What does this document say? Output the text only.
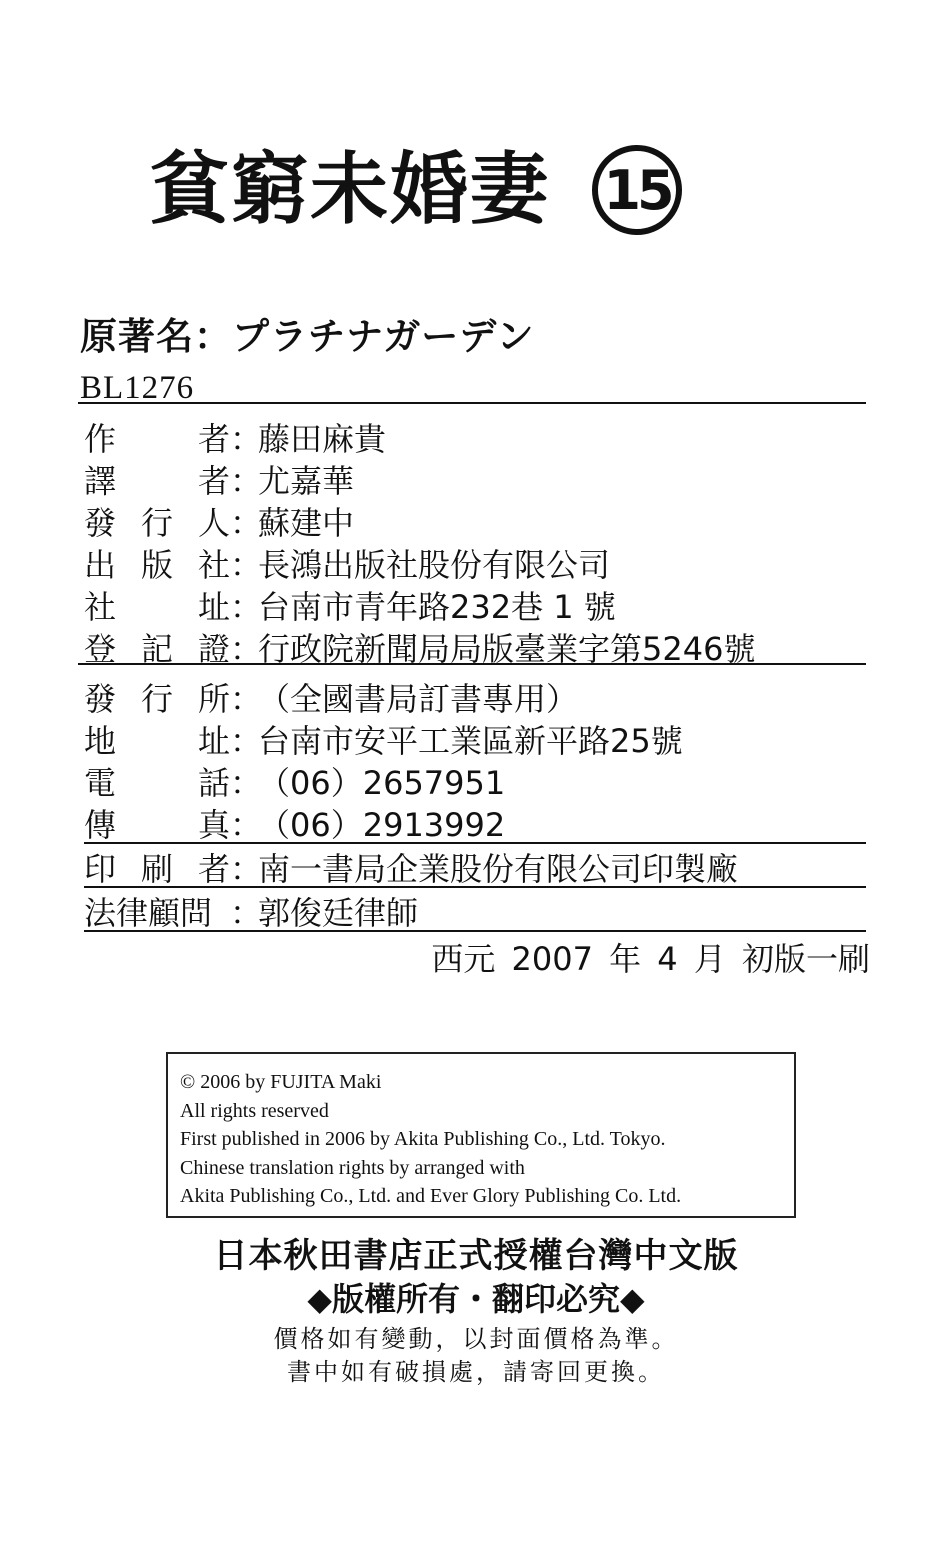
貧窮未婚妻 15
原著名：プラチナガーデン
BL1276
作	者 ：
藤田麻貴
譯	者 ：
尤嘉華
發 行 人 ：
蘇建中
出 版 社 ：
長鴻出版社股份有限公司
社	址 ：
台南市青年路232巷 1 號
登 記 證 ：
行政院新聞局局版臺業字第5246號
發 行 所 ：
（全國書局訂書專用）
地	址 ：
台南市安平工業區新平路25號
電	話 ：
（06）2657951
傳	真 ：
（06）2913992
印 刷 者 ：
南一書局企業股份有限公司印製廠
法律顧問 ：
郭俊廷律師
西元 2007 年 4 月 初版一刷
© 2006 by FUJITA Maki
All rights reserved
First published in 2006 by Akita Publishing Co., Ltd. Tokyo.
Chinese translation rights by arranged with
Akita Publishing Co., Ltd. and Ever Glory Publishing Co. Ltd.
日本秋田書店正式授權台灣中文版
◆版權所有・翻印必究◆
價格如有變動，以封面價格為準。
書中如有破損處，請寄回更換。
